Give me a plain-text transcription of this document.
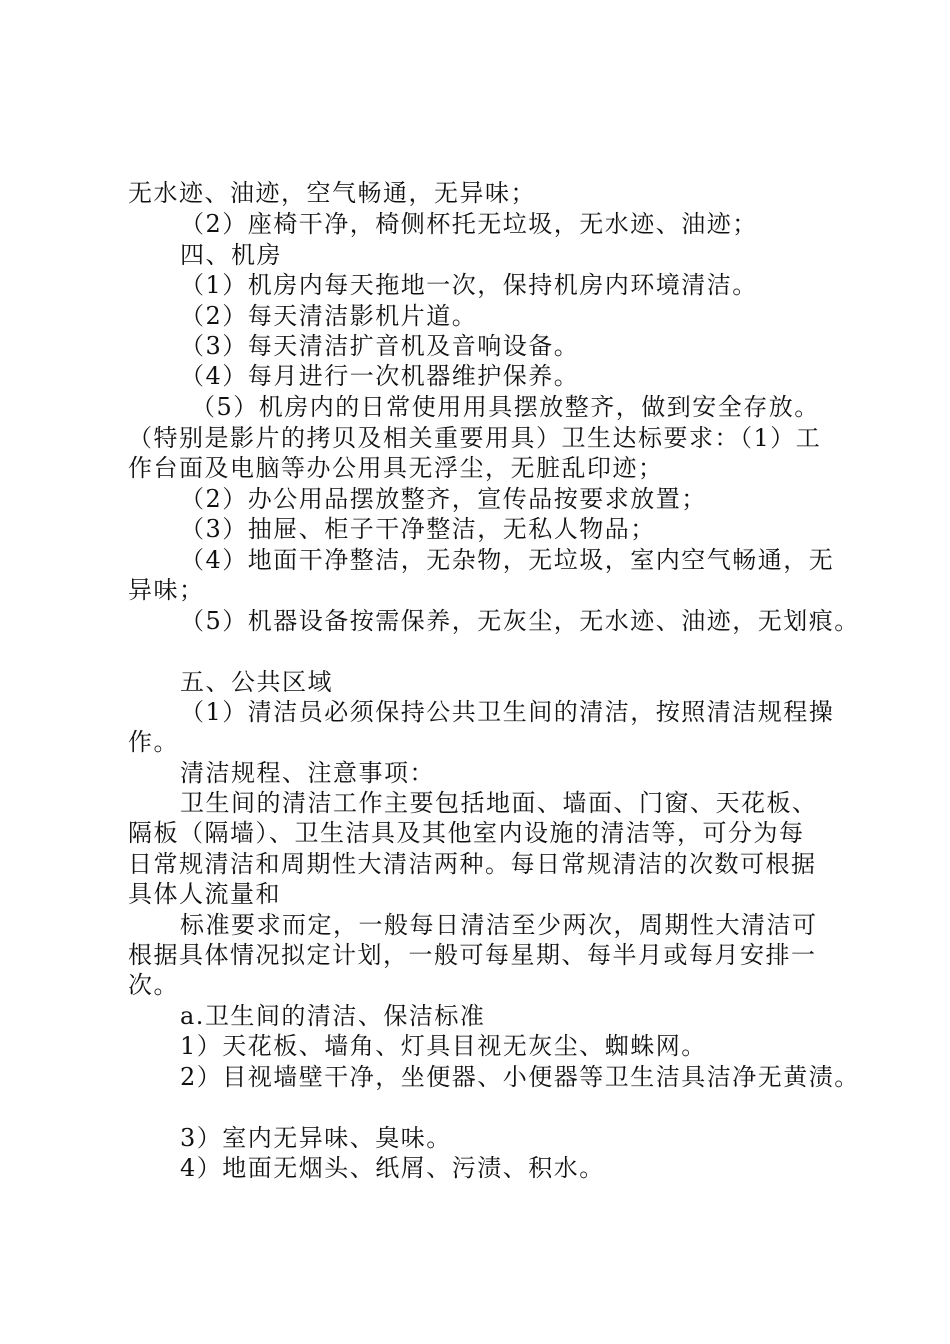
无水迹、油迹，空气畅通，无异味；
（2）座椅干净，椅侧杯托无垃圾，无水迹、油迹；
四、机房
（1）机房内每天拖地一次，保持机房内环境清洁。
（2）每天清洁影机片道。
（3）每天清洁扩音机及音响设备。
（4）每月进行一次机器维护保养。
（5）机房内的日常使用用具摆放整齐，做到安全存放。
（特别是影片的拷贝及相关重要用具）卫生达标要求：（1）工
作台面及电脑等办公用具无浮尘，无脏乱印迹；
（2）办公用品摆放整齐，宣传品按要求放置；
（3）抽屉、柜子干净整洁，无私人物品；
（4）地面干净整洁，无杂物，无垃圾，室内空气畅通，无
异味；
（5）机器设备按需保养，无灰尘，无水迹、油迹，无划痕。
五、公共区域
（1）清洁员必须保持公共卫生间的清洁，按照清洁规程操
作。
清洁规程、注意事项：
卫生间的清洁工作主要包括地面、墙面、门窗、天花板、
隔板（隔墙）、卫生洁具及其他室内设施的清洁等，可分为每
日常规清洁和周期性大清洁两种。每日常规清洁的次数可根据
具体人流量和
标准要求而定，一般每日清洁至少两次，周期性大清洁可
根据具体情况拟定计划，一般可每星期、每半月或每月安排一
次。
a.卫生间的清洁、保洁标准
1）天花板、墙角、灯具目视无灰尘、蜘蛛网。
2）目视墙壁干净，坐便器、小便器等卫生洁具洁净无黄渍。
3）室内无异味、臭味。
4）地面无烟头、纸屑、污渍、积水。
